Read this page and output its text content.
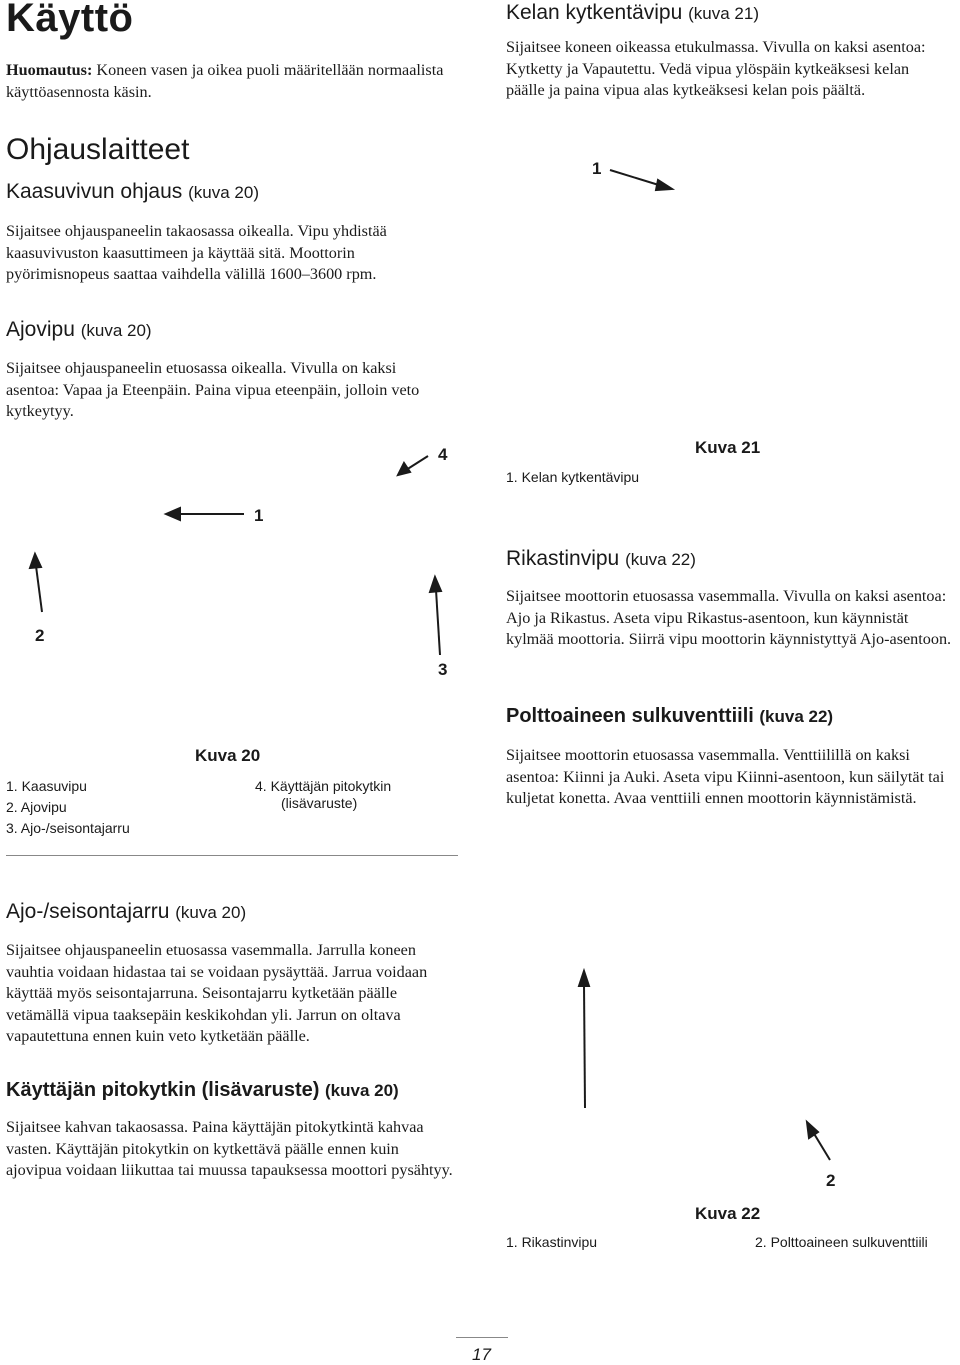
Käyttö
Huomautus: Koneen vasen ja oikea puoli määritellään normaalista käyttöasennosta käsin.
Ohjauslaitteet
Kaasuvivun ohjaus (kuva 20)
Sijaitsee ohjauspaneelin takaosassa oikealla. Vipu yhdistää kaasuvivuston kaasuttimeen ja käyttää sitä. Moottorin pyörimisnopeus saattaa vaihdella välillä 1600–3600 rpm.
Ajovipu (kuva 20)
Sijaitsee ohjauspaneelin etuosassa oikealla. Vivulla on kaksi asentoa: Vapaa ja Eteenpäin. Paina vipua eteenpäin, jolloin veto kytkeytyy.
4
1
2
3
Kuva 20
1. Kaasuvipu
2. Ajovipu
3. Ajo-/seisontajarru
4. Käyttäjän pitokytkin
(lisävaruste)
Ajo-/seisontajarru (kuva 20)
Sijaitsee ohjauspaneelin etuosassa vasemmalla. Jarrulla koneen vauhtia voidaan hidastaa tai se voidaan pysäyttää. Jarrua voidaan käyttää myös seisontajarruna. Seisontajarru kytketään päälle vetämällä vipua taaksepäin keskikohdan yli. Jarrun on oltava vapautettuna ennen kuin veto kytketään päälle.
Käyttäjän pitokytkin (lisävaruste) (kuva 20)
Sijaitsee kahvan takaosassa. Paina käyttäjän pitokytkintä kahvaa vasten. Käyttäjän pitokytkin on kytkettävä päälle ennen kuin ajovipua voidaan liikuttaa tai muussa tapauksessa moottori pysähtyy.
Kelan kytkentävipu (kuva 21)
Sijaitsee koneen oikeassa etukulmassa. Vivulla on kaksi asentoa: Kytketty ja Vapautettu. Vedä vipua ylöspäin kytkeäksesi kelan päälle ja paina vipua alas kytkeäksesi kelan pois päältä.
1
1. Kelan kytkentävipu
Kuva 21
Rikastinvipu (kuva 22)
Sijaitsee moottorin etuosassa vasemmalla. Vivulla on kaksi asentoa: Ajo ja Rikastus. Aseta vipu Rikastus-asentoon, kun käynnistät kylmää moottoria. Siirrä vipu moottorin käynnistyttyä Ajo-asentoon.
Polttoaineen sulkuventtiili (kuva 22)
Sijaitsee moottorin etuosassa vasemmalla. Venttiilillä on kaksi asentoa: Kiinni ja Auki. Aseta vipu Kiinni-asentoon, kun säilytät tai kuljetat konetta. Avaa venttiili ennen moottorin käynnistämistä.
2
Kuva 22
1. Rikastinvipu	2. Polttoaineen sulkuventtiili
17
